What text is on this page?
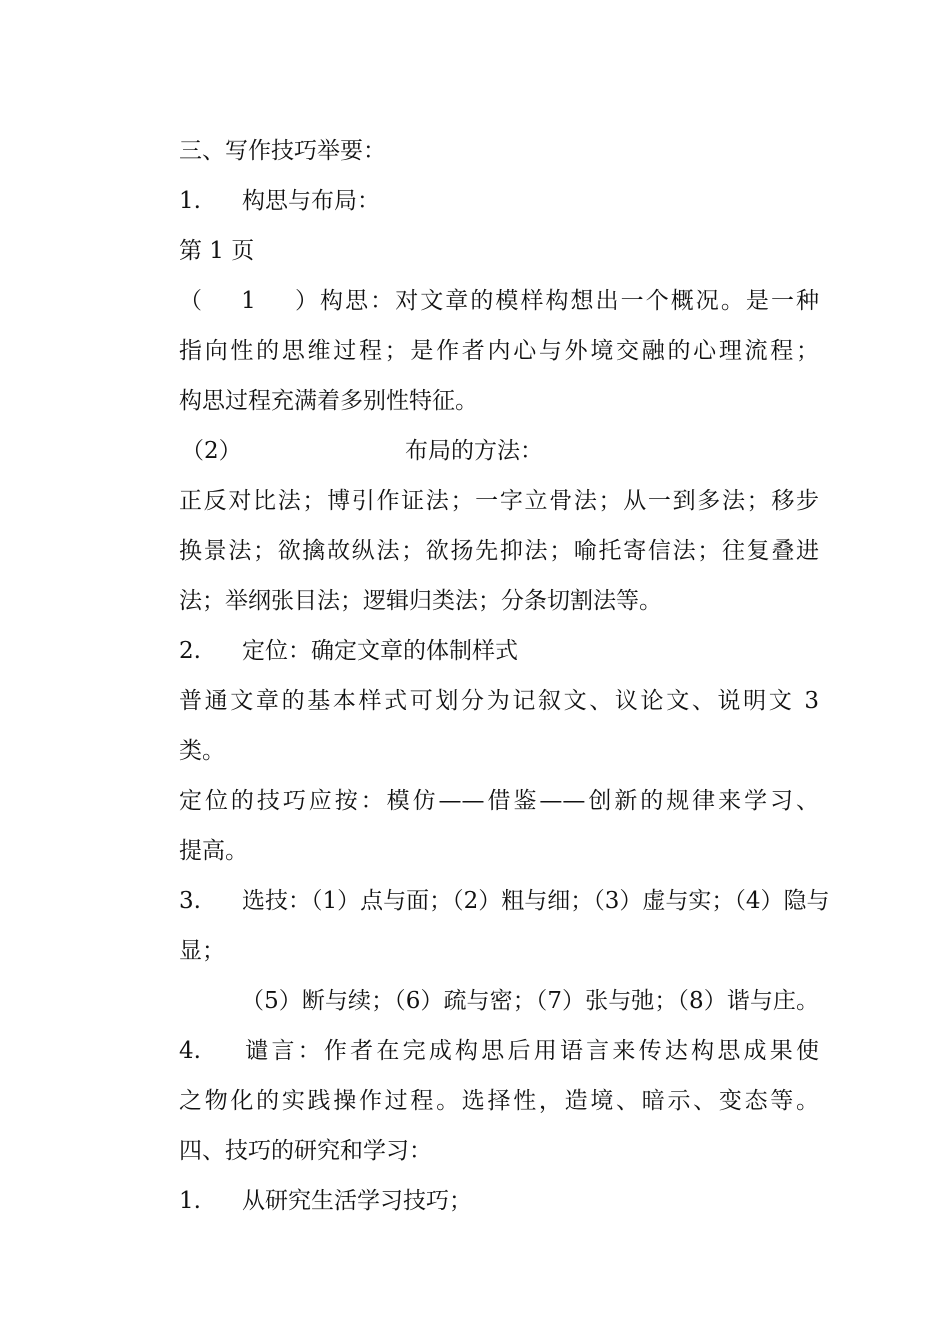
三、写作技巧举要：
1. 构思与布局：
第 1 页
（1）构思：对文章的模样构想出一个概况。是一种
指向性的思维过程；是作者内心与外境交融的心理流程；
构思过程充满着多别性特征。
（2）	布局的方法：
正反对比法；博引作证法；一字立骨法；从一到多法；移步
换景法；欲擒故纵法；欲扬先抑法；喻托寄信法；往复叠进
法；举纲张目法；逻辑归类法；分条切割法等。
2. 定位：确定文章的体制样式
普通文章的基本样式可划分为记叙文、议论文、说明文 3
类。
定位的技巧应按：模仿——借鉴——创新的规律来学习、
提高。
3. 选技：（1）点与面；（2）粗与细；（3）虚与实；（4）隐与
显；
（5）断与续；（6）疏与密；（7）张与弛；（8）谐与庄。
4. 谴言：作者在完成构思后用语言来传达构思成果使
之物化的实践操作过程。选择性，造境、暗示、变态等。
四、技巧的研究和学习：
1. 从研究生活学习技巧；
